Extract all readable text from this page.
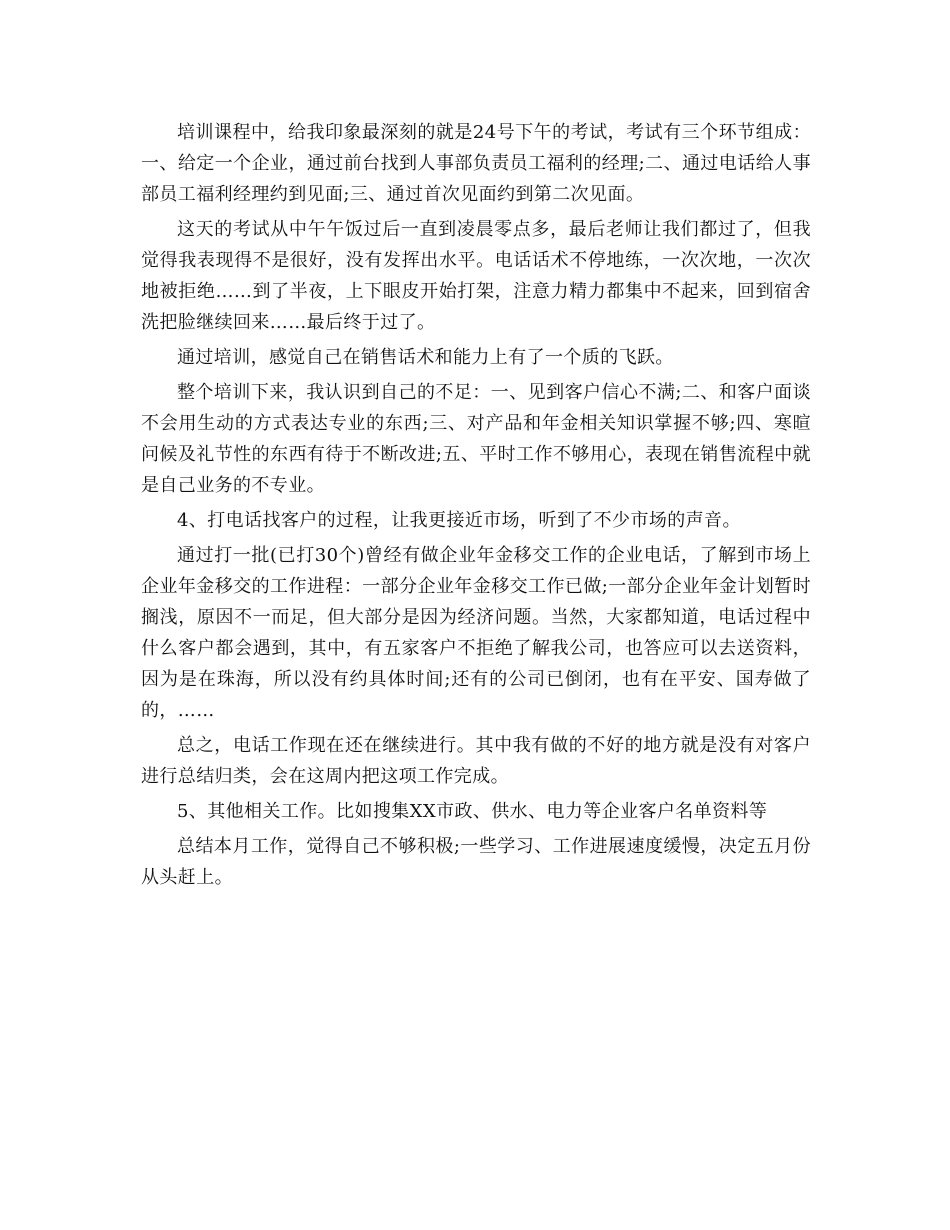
培训课程中，给我印象最深刻的就是24号下午的考试，考试有三个环节组成：一、给定一个企业，通过前台找到人事部负责员工福利的经理;二、通过电话给人事部员工福利经理约到见面;三、通过首次见面约到第二次见面。

这天的考试从中午午饭过后一直到凌晨零点多，最后老师让我们都过了，但我觉得我表现得不是很好，没有发挥出水平。电话话术不停地练，一次次地，一次次地被拒绝……到了半夜，上下眼皮开始打架，注意力精力都集中不起来，回到宿舍洗把脸继续回来……最后终于过了。

通过培训，感觉自己在销售话术和能力上有了一个质的飞跃。

整个培训下来，我认识到自己的不足：一、见到客户信心不满;二、和客户面谈不会用生动的方式表达专业的东西;三、对产品和年金相关知识掌握不够;四、寒暄问候及礼节性的东西有待于不断改进;五、平时工作不够用心，表现在销售流程中就是自己业务的不专业。

4、打电话找客户的过程，让我更接近市场，听到了不少市场的声音。

通过打一批(已打30个)曾经有做企业年金移交工作的企业电话，了解到市场上企业年金移交的工作进程：一部分企业年金移交工作已做;一部分企业年金计划暂时搁浅，原因不一而足，但大部分是因为经济问题。当然，大家都知道，电话过程中什么客户都会遇到，其中，有五家客户不拒绝了解我公司，也答应可以去送资料，因为是在珠海，所以没有约具体时间;还有的公司已倒闭，也有在平安、国寿做了的，……

总之，电话工作现在还在继续进行。其中我有做的不好的地方就是没有对客户进行总结归类，会在这周内把这项工作完成。

5、其他相关工作。比如搜集XX市政、供水、电力等企业客户名单资料等

总结本月工作，觉得自己不够积极;一些学习、工作进展速度缓慢，决定五月份从头赶上。
